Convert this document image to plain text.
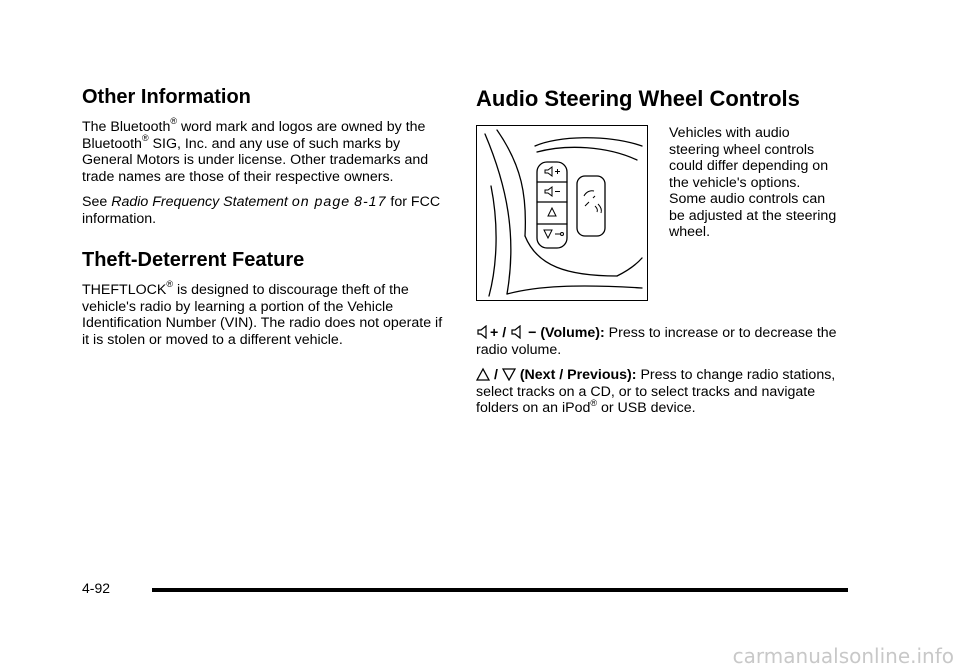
Other Information

The Bluetooth® word mark and logos are owned by the Bluetooth® SIG, Inc. and any use of such marks by General Motors is under license. Other trademarks and trade names are those of their respective owners.

See Radio Frequency Statement on page 8-17 for FCC information.

Theft-Deterrent Feature

THEFTLOCK® is designed to discourage theft of the vehicle's radio by learning a portion of the Vehicle Identification Number (VIN). The radio does not operate if it is stolen or moved to a different vehicle.

Audio Steering Wheel Controls
Vehicles with audio steering wheel controls could differ depending on the vehicle's options. Some audio controls can be adjusted at the steering wheel.

+ / − (Volume): Press to increase or to decrease the radio volume.

/ (Next / Previous): Press to change radio stations, select tracks on a CD, or to select tracks and navigate folders on an iPod® or USB device.

4-92
carmanualsonline.info
